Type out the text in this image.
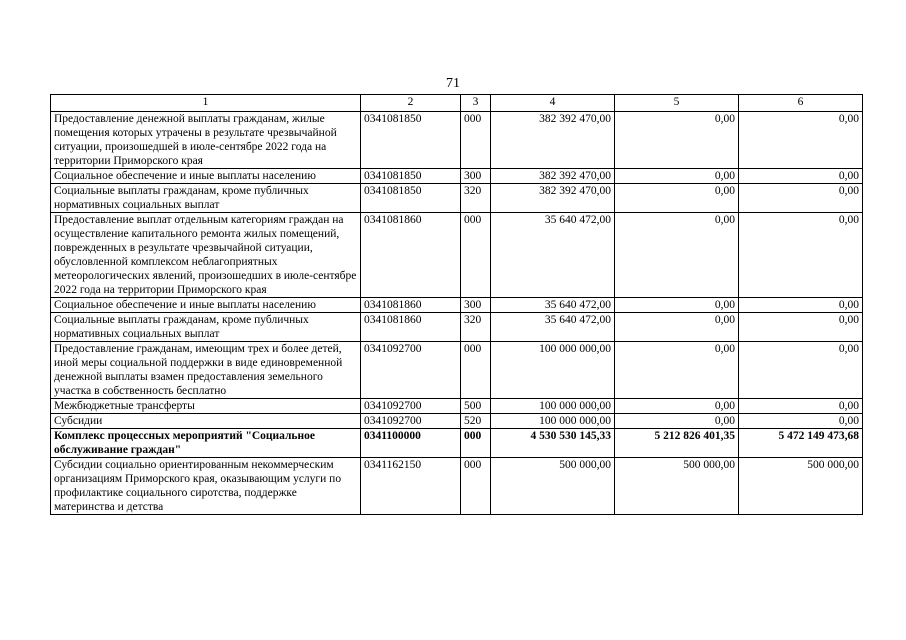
71
1	2	3	4	5	6
Предоставление денежной выплаты гражданам, жилые помещения которых утрачены в результате чрезвычайной ситуации, произошедшей в июле-сентябре 2022 года на территории Приморского края	0341081850	000	382 392 470,00	0,00	0,00
Социальное обеспечение и иные выплаты населению	0341081850	300	382 392 470,00	0,00	0,00
Социальные выплаты гражданам, кроме публичных нормативных социальных выплат	0341081850	320	382 392 470,00	0,00	0,00
Предоставление выплат отдельным категориям граждан на осуществление капитального ремонта жилых помещений, поврежденных в результате чрезвычайной ситуации, обусловленной комплексом неблагоприятных метеорологических явлений, произошедших в июле-сентябре 2022 года на территории Приморского края	0341081860	000	35 640 472,00	0,00	0,00
Социальное обеспечение и иные выплаты населению	0341081860	300	35 640 472,00	0,00	0,00
Социальные выплаты гражданам, кроме публичных нормативных социальных выплат	0341081860	320	35 640 472,00	0,00	0,00
Предоставление гражданам, имеющим трех и более детей, иной меры социальной поддержки в виде единовременной денежной выплаты взамен предоставления земельного участка в собственность бесплатно	0341092700	000	100 000 000,00	0,00	0,00
Межбюджетные трансферты	0341092700	500	100 000 000,00	0,00	0,00
Субсидии	0341092700	520	100 000 000,00	0,00	0,00
Комплекс процессных мероприятий "Социальное обслуживание граждан"	0341100000	000	4 530 530 145,33	5 212 826 401,35	5 472 149 473,68
Субсидии социально ориентированным некоммерческим организациям Приморского края, оказывающим услуги по профилактике социального сиротства, поддержке материнства и детства	0341162150	000	500 000,00	500 000,00	500 000,00
